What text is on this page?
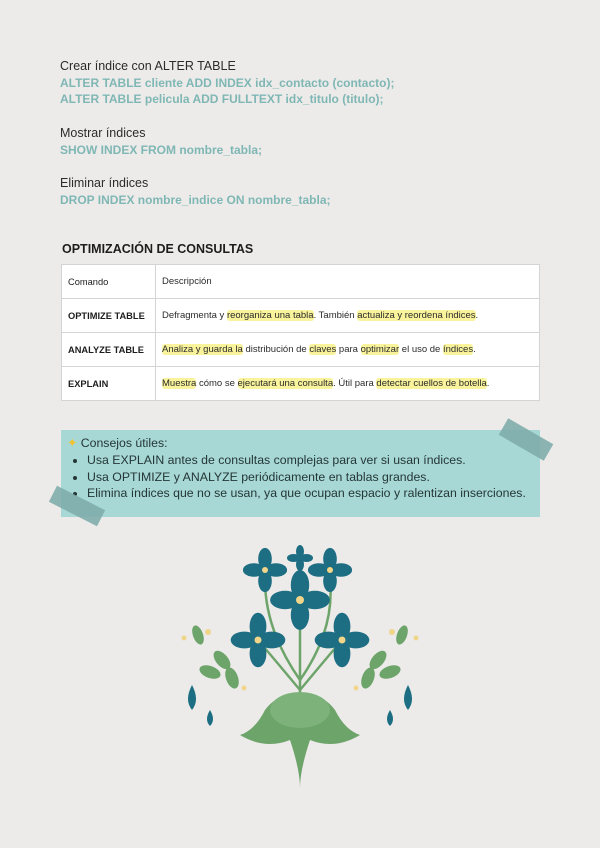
Crear índice con ALTER TABLE
ALTER TABLE cliente ADD INDEX idx_contacto (contacto);
ALTER TABLE pelicula ADD FULLTEXT idx_titulo (titulo);
Mostrar índices
SHOW INDEX FROM nombre_tabla;
Eliminar índices
DROP INDEX nombre_indice ON nombre_tabla;
OPTIMIZACIÓN DE CONSULTAS
Comando	Descripción
OPTIMIZE TABLE	Defragmenta y reorganiza una tabla. También actualiza y reordena índices.
ANALYZE TABLE	Analiza y guarda la distribución de claves para optimizar el uso de índices.
EXPLAIN	Muestra cómo se ejecutará una consulta. Útil para detectar cuellos de botella.
✦ Consejos útiles:
• Usa EXPLAIN antes de consultas complejas para ver si usan índices.
• Usa OPTIMIZE y ANALYZE periódicamente en tablas grandes.
• Elimina índices que no se usan, ya que ocupan espacio y ralentizan inserciones.
